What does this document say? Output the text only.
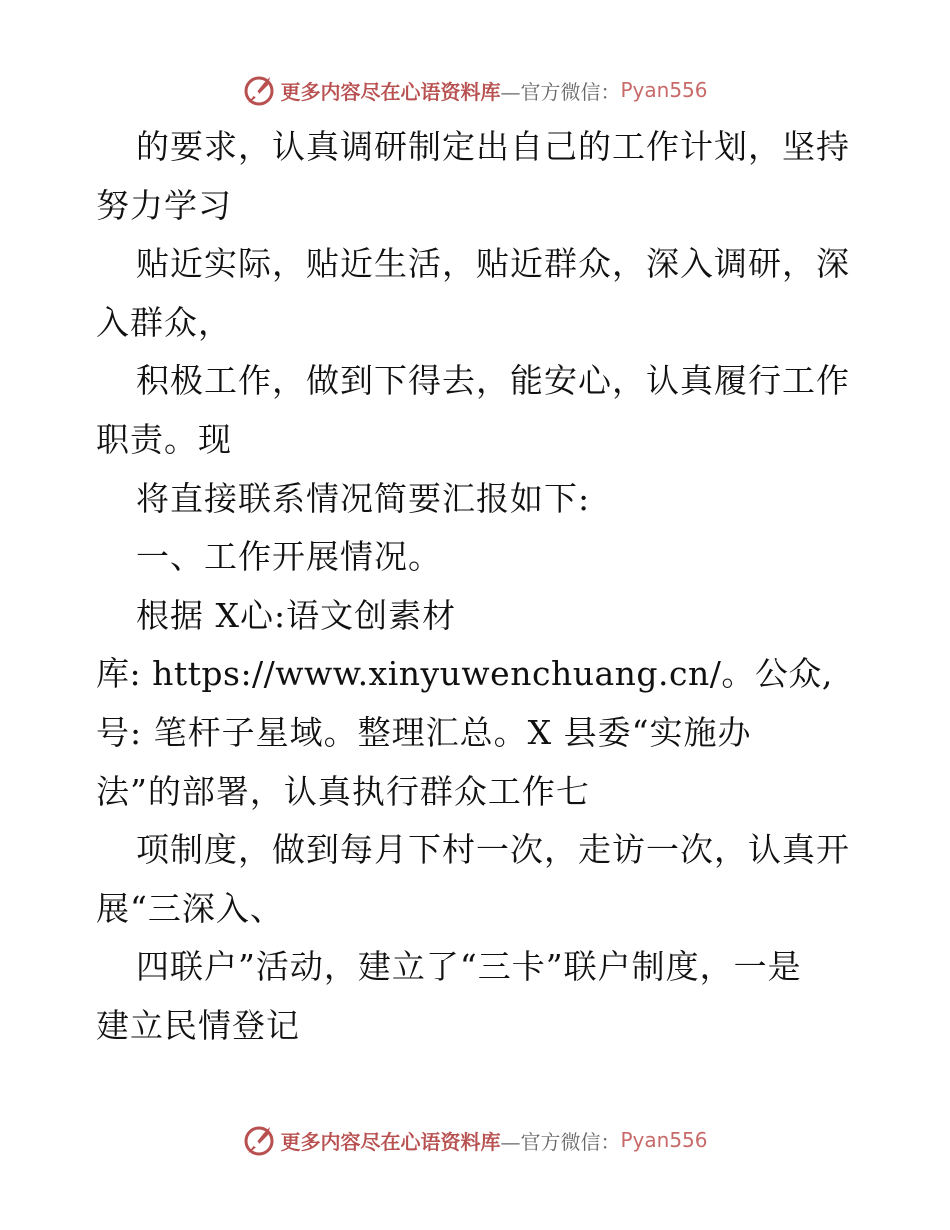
更多内容尽在心语资料库 —官方微信： Pyan556
的要求，认真调研制定出自己的工作计划，坚持
努力学习
贴近实际，贴近生活，贴近群众，深入调研，深
入群众，
积极工作，做到下得去，能安心，认真履行工作
职责。现
将直接联系情况简要汇报如下:
一、工作开展情况。
根据 X心:语文创素材
库: https://www.xinyuwenchuang.cn/。公众,
号: 笔杆子星域。整理汇总。X 县委“实施办
法”的部署，认真执行群众工作七
项制度，做到每月下村一次，走访一次，认真开
展“三深入、
四联户”活动，建立了“三卡”联户制度，一是
建立民情登记
更多内容尽在心语资料库 —官方微信： Pyan556
